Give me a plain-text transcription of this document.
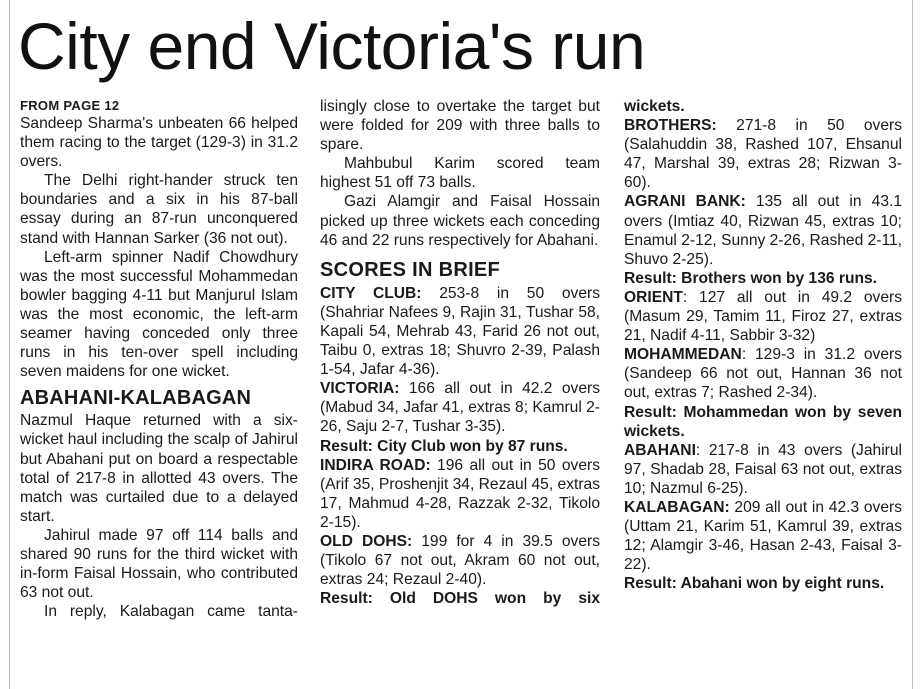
City end Victoria's run
FROM PAGE 12

Sandeep Sharma's unbeaten 66 helped them racing to the target (129-3) in 31.2 overs.

The Delhi right-hander struck ten boundaries and a six in his 87-ball essay during an 87-run unconquered stand with Hannan Sarker (36 not out).

Left-arm spinner Nadif Chowdhury was the most successful Mohammedan bowler bagging 4-11 but Manjurul Islam was the most economic, the left-arm seamer having conceded only three runs in his ten-over spell including seven maidens for one wicket.

ABAHANI-KALABAGAN

Nazmul Haque returned with a six-wicket haul including the scalp of Jahirul but Abahani put on board a respectable total of 217-8 in allotted 43 overs. The match was curtailed due to a delayed start.

Jahirul made 97 off 114 balls and shared 90 runs for the third wicket with in-form Faisal Hossain, who contributed 63 not out.

In reply, Kalabagan came tanta-

lisingly close to overtake the target but were folded for 209 with three balls to spare.

Mahbubul Karim scored team highest 51 off 73 balls.

Gazi Alamgir and Faisal Hossain picked up three wickets each conceding 46 and 22 runs respectively for Abahani.

SCORES IN BRIEF

CITY CLUB: 253-8 in 50 overs (Shahriar Nafees 9, Rajin 31, Tushar 58, Kapali 54, Mehrab 43, Farid 26 not out, Taibu 0, extras 18; Shuvro 2-39, Palash 1-54, Jafar 4-36).

VICTORIA: 166 all out in 42.2 overs (Mabud 34, Jafar 41, extras 8; Kamrul 2-26, Saju 2-7, Tushar 3-35).

Result: City Club won by 87 runs.

INDIRA ROAD: 196 all out in 50 overs (Arif 35, Proshenjit 34, Rezaul 45, extras 17, Mahmud 4-28, Razzak 2-32, Tikolo 2-15).

OLD DOHS: 199 for 4 in 39.5 overs (Tikolo 67 not out, Akram 60 not out, extras 24; Rezaul 2-40).

Result: Old DOHS won by six

wickets.

BROTHERS: 271-8 in 50 overs (Salahuddin 38, Rashed 107, Ehsanul 47, Marshal 39, extras 28; Rizwan 3-60).

AGRANI BANK: 135 all out in 43.1 overs (Imtiaz 40, Rizwan 45, extras 10; Enamul 2-12, Sunny 2-26, Rashed 2-11, Shuvo 2-25).

Result: Brothers won by 136 runs.

ORIENT: 127 all out in 49.2 overs (Masum 29, Tamim 11, Firoz 27, extras 21, Nadif 4-11, Sabbir 3-32)

MOHAMMEDAN: 129-3 in 31.2 overs (Sandeep 66 not out, Hannan 36 not out, extras 7; Rashed 2-34).

Result: Mohammedan won by seven wickets.

ABAHANI: 217-8 in 43 overs (Jahirul 97, Shadab 28, Faisal 63 not out, extras 10; Nazmul 6-25).

KALABAGAN: 209 all out in 42.3 overs (Uttam 21, Karim 51, Kamrul 39, extras 12; Alamgir 3-46, Hasan 2-43, Faisal 3-22).

Result: Abahani won by eight runs.
